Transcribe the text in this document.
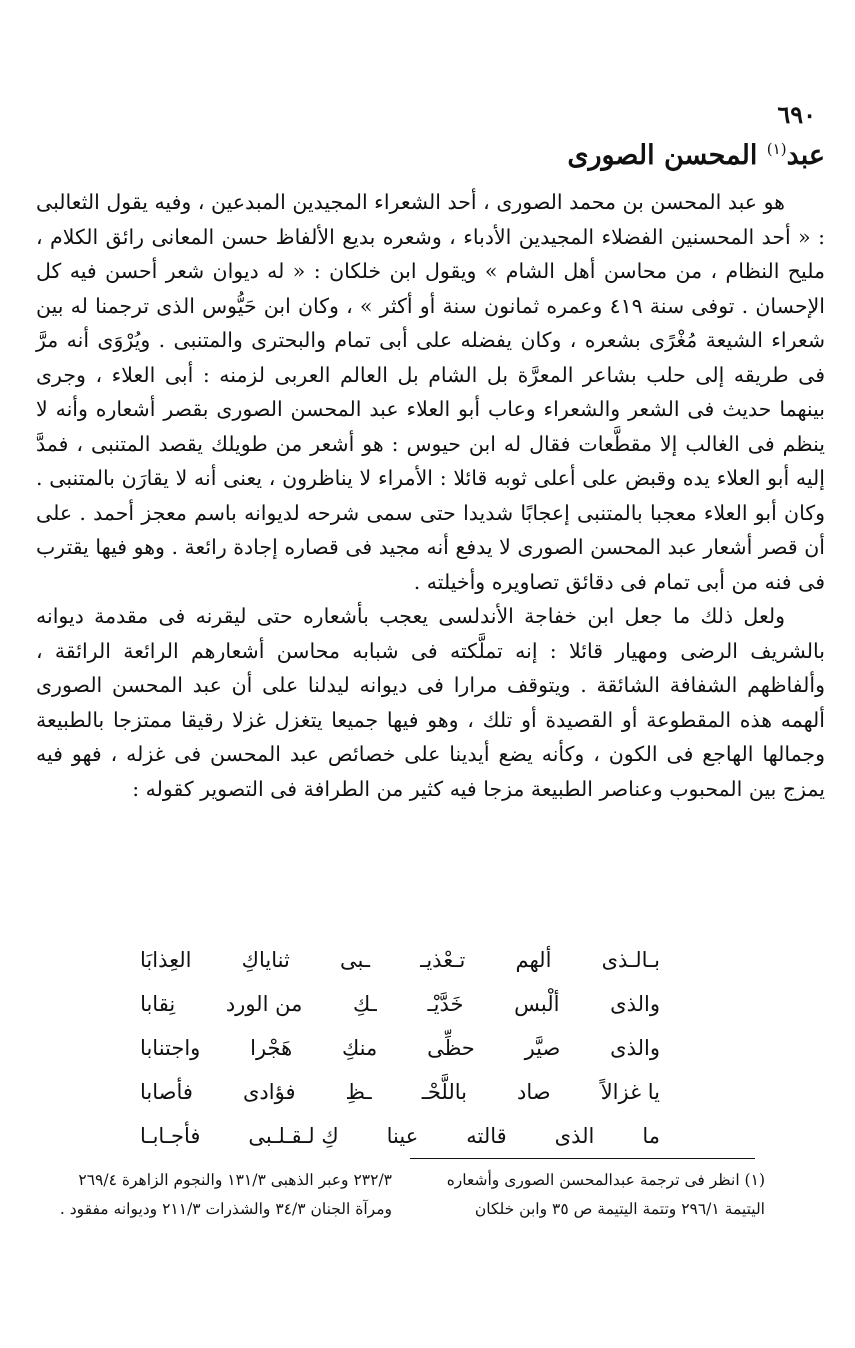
٦٩٠
عبد$^{(١)}$ المحسن الصورى

هو عبد المحسن بن محمد الصورى ، أحد الشعراء المجيدين المبدعين ، وفيه يقول الثعالبى : « أحد المحسنين الفضلاء المجيدين الأدباء ، وشعره بديع الألفاظ حسن المعانى رائق الكلام ، مليح النظام ، من محاسن أهل الشام » ويقول ابن خلكان : « له ديوان شعر أحسن فيه كل الإحسان . توفى سنة ٤١٩ وعمره ثمانون سنة أو أكثر » ، وكان ابن حَيُّوس الذى ترجمنا له بين شعراء الشيعة مُغْرًى بشعره ، وكان يفضله على أبى تمام والبحترى والمتنبى . ويُرْوَى أنه مرَّ فى طريقه إلى حلب بشاعر المعرَّة بل الشام بل العالم العربى لزمنه : أبى العلاء ، وجرى بينهما حديث فى الشعر والشعراء وعاب أبو العلاء عبد المحسن الصورى بقصر أشعاره وأنه لا ينظم فى الغالب إلا مقطَّعات فقال له ابن حيوس : هو أشعر من طويلك يقصد المتنبى ، فمدَّ إليه أبو العلاء يده وقبض على أعلى ثوبه قائلا : الأمراء لا يناظرون ، يعنى أنه لا يقارَن بالمتنبى . وكان أبو العلاء معجبا بالمتنبى إعجابًا شديدا حتى سمى شرحه لديوانه باسم معجز أحمد . على أن قصر أشعار عبد المحسن الصورى لا يدفع أنه مجيد فى قصاره إجادة رائعة . وهو فيها يقترب فى فنه من أبى تمام فى دقائق تصاويره وأخيلته .

ولعل ذلك ما جعل ابن خفاجة الأندلسى يعجب بأشعاره حتى ليقرنه فى مقدمة ديوانه بالشريف الرضى ومهيار قائلا : إنه تملَّكته فى شبابه محاسن أشعارهم الرائعة الرائقة ، وألفاظهم الشفافة الشائقة . ويتوقف مرارا فى ديوانه ليدلنا على أن عبد المحسن الصورى ألهمه هذه المقطوعة أو القصيدة أو تلك ، وهو فيها جميعا يتغزل غزلا رقيقا ممتزجا بالطبيعة وجمالها الهاجع فى الكون ، وكأنه يضع أيدينا على خصائص عبد المحسن فى غزله ، فهو فيه يمزج بين المحبوب وعناصر الطبيعة مزجا فيه كثير من الطرافة فى التصوير كقوله :

بـالـذى
ألهم
تـعْذيـ
ـبى
ثناياكِ
العِذابَا
والذى
ألْبس
خَدَّيْـ
ـكِ
من الورد
نِقابا
والذى
صيَّر
حظِّى
منكِ
هَجْرا
واجتنابا
يا غزالاً
صاد
باللَّحْـ
ـظِ
فؤادى
فأصابا
ما
الذى
قالته
عينا
كِ لـقـلـبى
فأجـابـا
(١) انظر فى ترجمة عبدالمحسن الصورى وأشعاره
اليتيمة ٢٩٦/١ وتتمة اليتيمة ص ٣٥ وابن خلكان
٢٣٢/٣ وعبر الذهبى ١٣١/٣ والنجوم الزاهرة ٢٦٩/٤
ومرآة الجنان ٣٤/٣ والشذرات ٢١١/٣ وديوانه مفقود .
